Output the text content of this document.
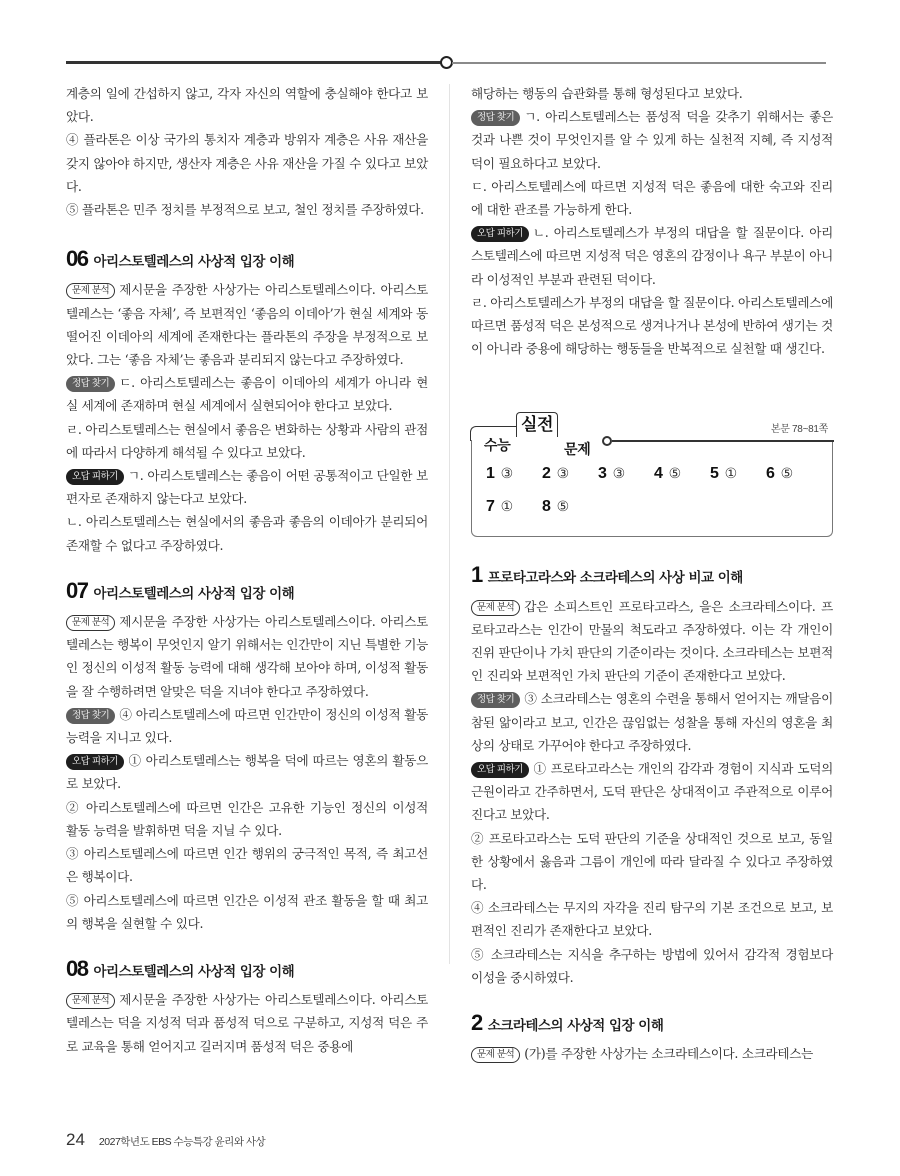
계층의 일에 간섭하지 않고, 각자 자신의 역할에 충실해야 한다고 보았다.

④ 플라톤은 이상 국가의 통치자 계층과 방위자 계층은 사유 재산을 갖지 않아야 하지만, 생산자 계층은 사유 재산을 가질 수 있다고 보았다.

⑤ 플라톤은 민주 정치를 부정적으로 보고, 철인 정치를 주장하였다.

06 아리스토텔레스의 사상적 입장 이해

문제 분석 제시문을 주장한 사상가는 아리스토텔레스이다. 아리스토텔레스는 ‘좋음 자체’, 즉 보편적인 ‘좋음의 이데아’가 현실 세계와 동떨어진 이데아의 세계에 존재한다는 플라톤의 주장을 부정적으로 보았다. 그는 ‘좋음 자체’는 좋음과 분리되지 않는다고 주장하였다.

정답 찾기 ㄷ. 아리스토텔레스는 좋음이 이데아의 세계가 아니라 현실 세계에 존재하며 현실 세계에서 실현되어야 한다고 보았다.

ㄹ. 아리스토텔레스는 현실에서 좋음은 변화하는 상황과 사람의 관점에 따라서 다양하게 해석될 수 있다고 보았다.

오답 피하기 ㄱ. 아리스토텔레스는 좋음이 어떤 공통적이고 단일한 보편자로 존재하지 않는다고 보았다.

ㄴ. 아리스토텔레스는 현실에서의 좋음과 좋음의 이데아가 분리되어 존재할 수 없다고 주장하였다.

07 아리스토텔레스의 사상적 입장 이해

문제 분석 제시문을 주장한 사상가는 아리스토텔레스이다. 아리스토텔레스는 행복이 무엇인지 알기 위해서는 인간만이 지닌 특별한 기능인 정신의 이성적 활동 능력에 대해 생각해 보아야 하며, 이성적 활동을 잘 수행하려면 알맞은 덕을 지녀야 한다고 주장하였다.

정답 찾기 ④ 아리스토텔레스에 따르면 인간만이 정신의 이성적 활동 능력을 지니고 있다.

오답 피하기 ① 아리스토텔레스는 행복을 덕에 따르는 영혼의 활동으로 보았다.

② 아리스토텔레스에 따르면 인간은 고유한 기능인 정신의 이성적 활동 능력을 발휘하면 덕을 지닐 수 있다.

③ 아리스토텔레스에 따르면 인간 행위의 궁극적인 목적, 즉 최고선은 행복이다.

⑤ 아리스토텔레스에 따르면 인간은 이성적 관조 활동을 할 때 최고의 행복을 실현할 수 있다.

08 아리스토텔레스의 사상적 입장 이해

문제 분석 제시문을 주장한 사상가는 아리스토텔레스이다. 아리스토텔레스는 덕을 지성적 덕과 품성적 덕으로 구분하고, 지성적 덕은 주로 교육을 통해 얻어지고 길러지며 품성적 덕은 중용에

해당하는 행동의 습관화를 통해 형성된다고 보았다.

정답 찾기 ㄱ. 아리스토텔레스는 품성적 덕을 갖추기 위해서는 좋은 것과 나쁜 것이 무엇인지를 알 수 있게 하는 실천적 지혜, 즉 지성적 덕이 필요하다고 보았다.

ㄷ. 아리스토텔레스에 따르면 지성적 덕은 좋음에 대한 숙고와 진리에 대한 관조를 가능하게 한다.

오답 피하기 ㄴ. 아리스토텔레스가 부정의 대답을 할 질문이다. 아리스토텔레스에 따르면 지성적 덕은 영혼의 감정이나 욕구 부분이 아니라 이성적인 부분과 관련된 덕이다.

ㄹ. 아리스토텔레스가 부정의 대답을 할 질문이다. 아리스토텔레스에 따르면 품성적 덕은 본성적으로 생겨나거나 본성에 반하여 생기는 것이 아니라 중용에 해당하는 행동들을 반복적으로 실천할 때 생긴다.

수능
실전
문제
본문 78~81쪽
1 ③	2 ③	3 ③	4 ⑤	5 ①	6 ⑤
7 ①	8 ⑤
1 프로타고라스와 소크라테스의 사상 비교 이해

문제 분석 갑은 소피스트인 프로타고라스, 을은 소크라테스이다. 프로타고라스는 인간이 만물의 척도라고 주장하였다. 이는 각 개인이 진위 판단이나 가치 판단의 기준이라는 것이다. 소크라테스는 보편적인 진리와 보편적인 가치 판단의 기준이 존재한다고 보았다.

정답 찾기 ③ 소크라테스는 영혼의 수련을 통해서 얻어지는 깨달음이 참된 앎이라고 보고, 인간은 끊임없는 성찰을 통해 자신의 영혼을 최상의 상태로 가꾸어야 한다고 주장하였다.

오답 피하기 ① 프로타고라스는 개인의 감각과 경험이 지식과 도덕의 근원이라고 간주하면서, 도덕 판단은 상대적이고 주관적으로 이루어진다고 보았다.

② 프로타고라스는 도덕 판단의 기준을 상대적인 것으로 보고, 동일한 상황에서 옳음과 그름이 개인에 따라 달라질 수 있다고 주장하였다.

④ 소크라테스는 무지의 자각을 진리 탐구의 기본 조건으로 보고, 보편적인 진리가 존재한다고 보았다.

⑤ 소크라테스는 지식을 추구하는 방법에 있어서 감각적 경험보다 이성을 중시하였다.

2 소크라테스의 사상적 입장 이해

문제 분석 (가)를 주장한 사상가는 소크라테스이다. 소크라테스는

24 2027학년도 EBS 수능특강 윤리와 사상
